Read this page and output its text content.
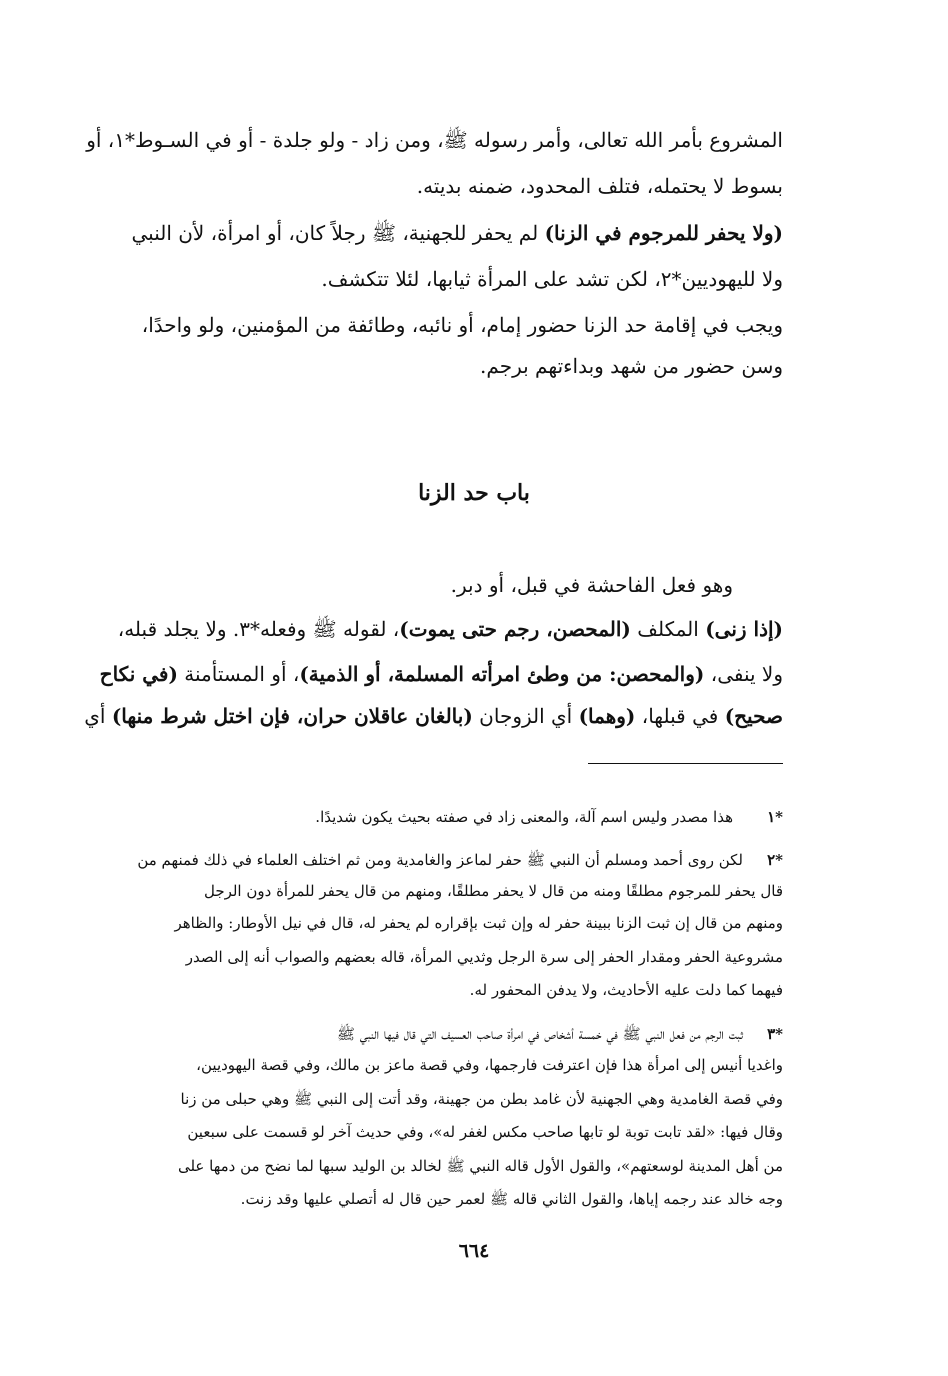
المشروع بأمر الله تعالى، وأمر رسوله ﷺ، ومن زاد - ولو جلدة - أو في السـوط*١، أو
بسوط لا يحتمله، فتلف المحدود، ضمنه بديته.
(ولا يحفر للمرجوم في الزنا) لم يحفر للجهنية، ﷺ رجلاً كان، أو امرأة، لأن النبي
ولا لليهوديين*٢، لكن تشد على المرأة ثيابها، لئلا تتكشف.
ويجب في إقامة حد الزنا حضور إمام، أو نائبه، وطائفة من المؤمنين، ولو واحدًا،
وسن حضور من شهد وبداءتهم برجم.
باب حد الزنا
وهو فعل الفاحشة في قبل، أو دبر.
(إذا زنى) المكلف (المحصن، رجم حتى يموت)، لقوله ﷺ وفعله*٣. ولا يجلد قبله،
ولا ينفى، (والمحصن: من وطئ امرأته المسلمة، أو الذمية)، أو المستأمنة (في نكاح
صحيح) في قبلها، (وهما) أي الزوجان (بالغان عاقلان حران، فإن اختل شرط منها) أي
*١
هذا مصدر وليس اسم آلة، والمعنى زاد في صفته بحيث يكون شديدًا.
*٢
لكن روى أحمد ومسلم أن النبي ﷺ حفر لماعز والغامدية ومن ثم اختلف العلماء في ذلك فمنهم من
قال يحفر للمرجوم مطلقًا ومنه من قال لا يحفر مطلقًا، ومنهم من قال يحفر للمرأة دون الرجل
ومنهم من قال إن ثبت الزنا ببينة حفر له وإن ثبت بإقراره لم يحفر له، قال في نيل الأوطار: والظاهر
مشروعية الحفر ومقدار الحفر إلى سرة الرجل وثديي المرأة، قاله بعضهم والصواب أنه إلى الصدر
فيهما كما دلت عليه الأحاديث، ولا يدفن المحفور له.
*٣
ثبت الرجم من فعل النبي ﷺ في خمسة أشخاص في امرأة صاحب العسيف التي قال فيها النبي ﷺ
واغديا أنيس إلى امرأة هذا فإن اعترفت فارجمها، وفي قصة ماعز بن مالك، وفي قصة اليهوديين،
وفي قصة الغامدية وهي الجهنية لأن غامد بطن من جهينة، وقد أتت إلى النبي ﷺ وهي حبلى من زنا
وقال فيها: «لقد تابت توبة لو تابها صاحب مكس لغفر له»، وفي حديث آخر لو قسمت على سبعين
من أهل المدينة لوسعتهم»، والقول الأول قاله النبي ﷺ لخالد بن الوليد سبها لما نضح من دمها على
وجه خالد عند رجمه إياها، والقول الثاني قاله ﷺ لعمر حين قال له أتصلي عليها وقد زنت.
٦٦٤
